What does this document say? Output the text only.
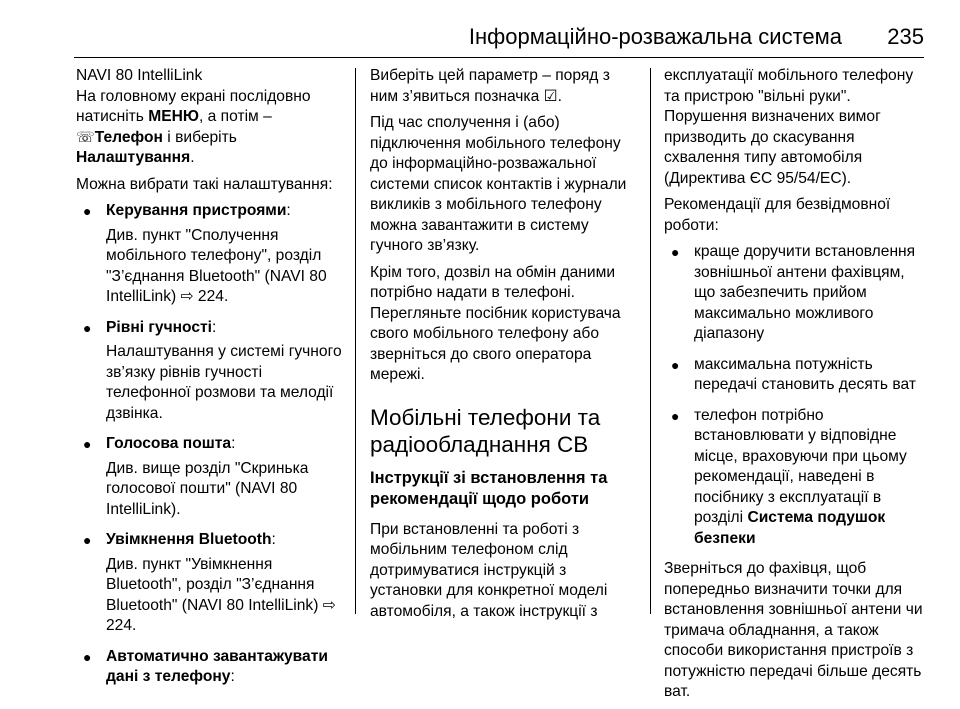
Інформаційно-розважальна система 235

NAVI 80 IntelliLink

На головному екрані послідовно натисніть МЕНЮ, а потім –
☏Телефон і виберіть
Налаштування.

Можна вибрати такі налаштування:

● Керування пристроями:
Див. пункт "Сполучення мобільного телефону", розділ "З’єднання Bluetooth" (NAVI 80 IntelliLink) ⇨ 224.
● Рівні гучності:
Налаштування у системі гучного зв’язку рівнів гучності телефонної розмови та мелодії дзвінка.
● Голосова пошта:
Див. вище розділ "Скринька голосової пошти" (NAVI 80 IntelliLink).
● Увімкнення Bluetooth:
Див. пункт "Увімкнення Bluetooth", розділ "З’єднання Bluetooth" (NAVI 80 IntelliLink) ⇨ 224.
● Автоматично завантажувати дані з телефону:

Виберіть цей параметр – поряд з ним з’явиться позначка ☑.

Під час сполучення і (або) підключення мобільного телефону до інформаційно-розважальної системи список контактів і журнали викликів з мобільного телефону можна завантажити в систему гучного зв’язку.

Крім того, дозвіл на обмін даними потрібно надати в телефоні. Перегляньте посібник користувача свого мобільного телефону або зверніться до свого оператора мережі.

Мобільні телефони та радіообладнання СВ
Інструкції зі встановлення та рекомендації щодо роботи

При встановленні та роботі з мобільним телефоном слід дотримуватися інструкцій з установки для конкретної моделі автомобіля, а також інструкції з

експлуатації мобільного телефону та пристрою "вільні руки". Порушення визначених вимог призводить до скасування схвалення типу автомобіля (Директива ЄС 95/54/ЕС).

Рекомендації для безвідмовної роботи:

● краще доручити встановлення зовнішньої антени фахівцям, що забезпечить прийом максимально можливого діапазону
● максимальна потужність передачі становить десять ват
● телефон потрібно встановлювати у відповідне місце, враховуючи при цьому рекомендації, наведені в посібнику з експлуатації в розділі Система подушок безпеки

Зверніться до фахівця, щоб попередньо визначити точки для встановлення зовнішньої антени чи тримача обладнання, а також способи використання пристроїв з потужністю передачі більше десять ват.
